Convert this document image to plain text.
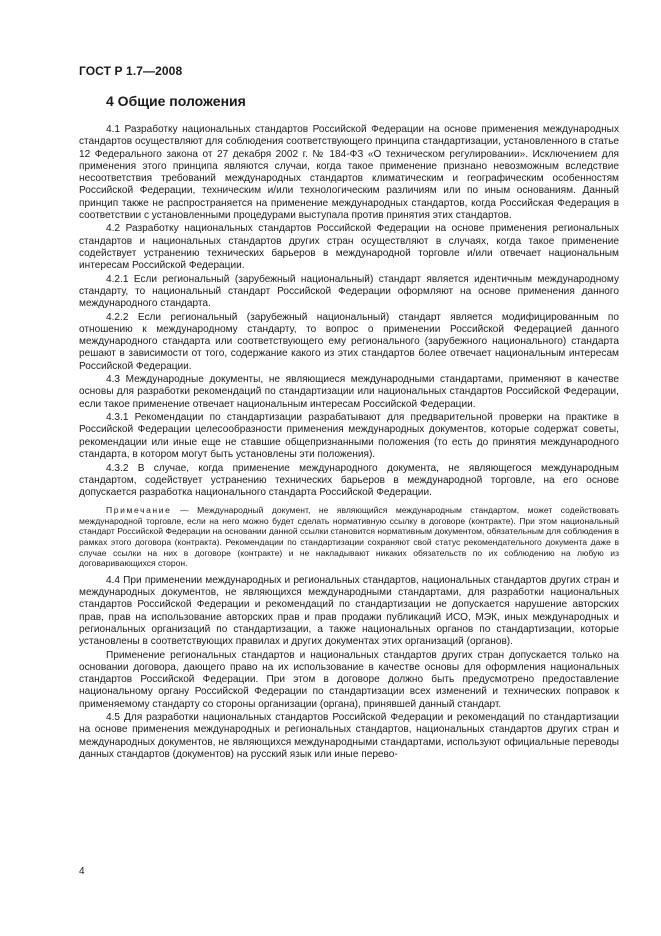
ГОСТ Р 1.7—2008
4 Общие положения

4.1 Разработку национальных стандартов Российской Федерации на основе применения международных стандартов осуществляют для соблюдения соответствующего принципа стандартизации, установленного в статье 12 Федерального закона от 27 декабря 2002 г. № 184-ФЗ «О техническом регулировании». Исключением для применения этого принципа являются случаи, когда такое применение признано невозможным вследствие несоответствия требований международных стандартов климатическим и географическим особенностям Российской Федерации, техническим и/или технологическим различиям или по иным основаниям. Данный принцип также не распространяется на применение международных стандартов, когда Российская Федерация в соответствии с установленными процедурами выступала против принятия этих стандартов.

4.2 Разработку национальных стандартов Российской Федерации на основе применения региональных стандартов и национальных стандартов других стран осуществляют в случаях, когда такое применение содействует устранению технических барьеров в международной торговле и/или отвечает национальным интересам Российской Федерации.

4.2.1 Если региональный (зарубежный национальный) стандарт является идентичным международному стандарту, то национальный стандарт Российской Федерации оформляют на основе применения данного международного стандарта.

4.2.2 Если региональный (зарубежный национальный) стандарт является модифицированным по отношению к международному стандарту, то вопрос о применении Российской Федерацией данного международного стандарта или соответствующего ему регионального (зарубежного национального) стандарта решают в зависимости от того, содержание какого из этих стандартов более отвечает национальным интересам Российской Федерации.

4.3 Международные документы, не являющиеся международными стандартами, применяют в качестве основы для разработки рекомендаций по стандартизации или национальных стандартов Российской Федерации, если такое применение отвечает национальным интересам Российской Федерации.

4.3.1 Рекомендации по стандартизации разрабатывают для предварительной проверки на практике в Российской Федерации целесообразности применения международных документов, которые содержат советы, рекомендации или иные еще не ставшие общепризнанными положения (то есть до принятия международного стандарта, в котором могут быть установлены эти положения).

4.3.2 В случае, когда применение международного документа, не являющегося международным стандартом, содействует устранению технических барьеров в международной торговле, на его основе допускается разработка национального стандарта Российской Федерации.

Примечание — Международный документ, не являющийся международным стандартом, может содействовать международной торговле, если на него можно будет сделать нормативную ссылку в договоре (контракте). При этом национальный стандарт Российской Федерации на основании данной ссылки становится нормативным документом, обязательным для соблюдения в рамках этого договора (контракта). Рекомендации по стандартизации сохраняют свой статус рекомендательного документа даже в случае ссылки на них в договоре (контракте) и не накладывают никаких обязательств по их соблюдению на любую из договаривающихся сторон.

4.4 При применении международных и региональных стандартов, национальных стандартов других стран и международных документов, не являющихся международными стандартами, для разработки национальных стандартов Российской Федерации и рекомендаций по стандартизации не допускается нарушение авторских прав, прав на использование авторских прав и прав продажи публикаций ИСО, МЭК, иных международных и региональных организаций по стандартизации, а также национальных органов по стандартизации, которые установлены в соответствующих правилах и других документах этих организаций (органов).

Применение региональных стандартов и национальных стандартов других стран допускается только на основании договора, дающего право на их использование в качестве основы для оформления национальных стандартов Российской Федерации. При этом в договоре должно быть предусмотрено предоставление национальному органу Российской Федерации по стандартизации всех изменений и технических поправок к применяемому стандарту со стороны организации (органа), принявшей данный стандарт.

4.5 Для разработки национальных стандартов Российской Федерации и рекомендаций по стандартизации на основе применения международных и региональных стандартов, национальных стандартов других стран и международных документов, не являющихся международными стандартами, используют официальные переводы данных стандартов (документов) на русский язык или иные перево-

4
